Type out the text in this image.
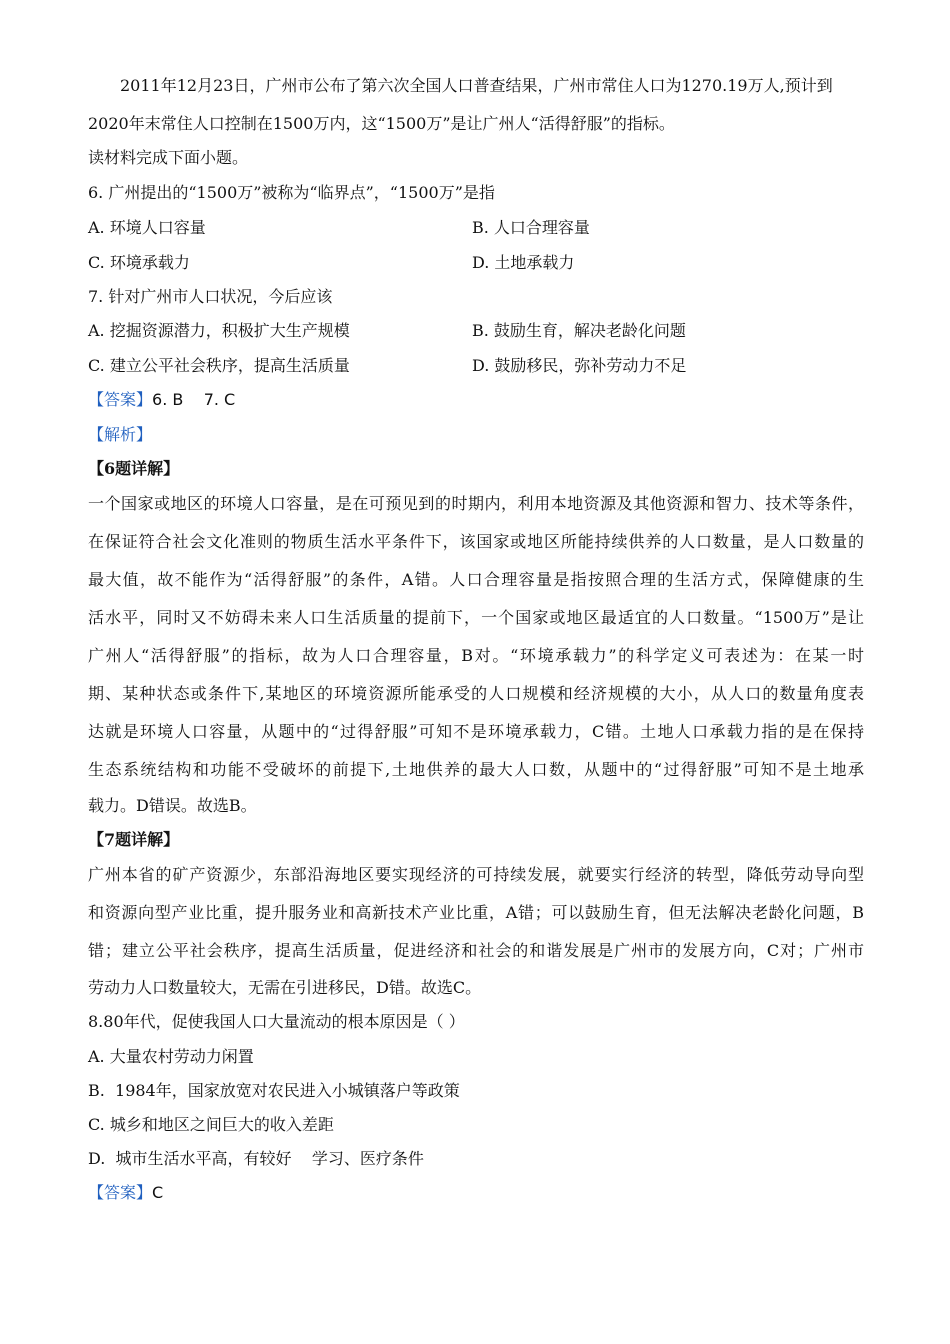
2011年12月23日，广州市公布了第六次全国人口普查结果，广州市常住人口为1270.19万人,预计到
2020年末常住人口控制在1500万内，这“1500万”是让广州人“活得舒服”的指标。
读材料完成下面小题。
6. 广州提出的“1500万”被称为“临界点”，“1500万”是指
A. 环境人口容量	B. 人口合理容量
C. 环境承载力	D. 土地承载力
7. 针对广州市人口状况，今后应该
A. 挖掘资源潜力，积极扩大生产规模	B. 鼓励生育，解决老龄化问题
C. 建立公平社会秩序，提高生活质量	D. 鼓励移民，弥补劳动力不足
【答案】6. B    7. C
【解析】
【6题详解】
一个国家或地区的环境人口容量，是在可预见到的时期内，利用本地资源及其他资源和智力、技术等条件，
在保证符合社会文化准则的物质生活水平条件下，该国家或地区所能持续供养的人口数量，是人口数量的
最大值，故不能作为“活得舒服”的条件，A错。人口合理容量是指按照合理的生活方式，保障健康的生
活水平，同时又不妨碍未来人口生活质量的提前下，一个国家或地区最适宜的人口数量。“1500万”是让
广州人“活得舒服”的指标，故为人口合理容量，B对。“环境承载力”的科学定义可表述为：在某一时
期、某种状态或条件下,某地区的环境资源所能承受的人口规模和经济规模的大小，从人口的数量角度表
达就是环境人口容量，从题中的“过得舒服”可知不是环境承载力，C错。土地人口承载力指的是在保持
生态系统结构和功能不受破坏的前提下,土地供养的最大人口数，从题中的“过得舒服”可知不是土地承
载力。D错误。故选B。
【7题详解】
广州本省的矿产资源少，东部沿海地区要实现经济的可持续发展，就要实行经济的转型，降低劳动导向型
和资源向型产业比重，提升服务业和高新技术产业比重，A错；可以鼓励生育，但无法解决老龄化问题，B
错；建立公平社会秩序，提高生活质量，促进经济和社会的和谐发展是广州市的发展方向，C对；广州市
劳动力人口数量较大，无需在引进移民，D错。故选C。
8.80年代，促使我国人口大量流动的根本原因是（ ）
A. 大量农村劳动力闲置
B.  1984年，国家放宽对农民进入小城镇落户等政策
C. 城乡和地区之间巨大的收入差距
D.  城市生活水平高，有较好    学习、医疗条件
【答案】C
